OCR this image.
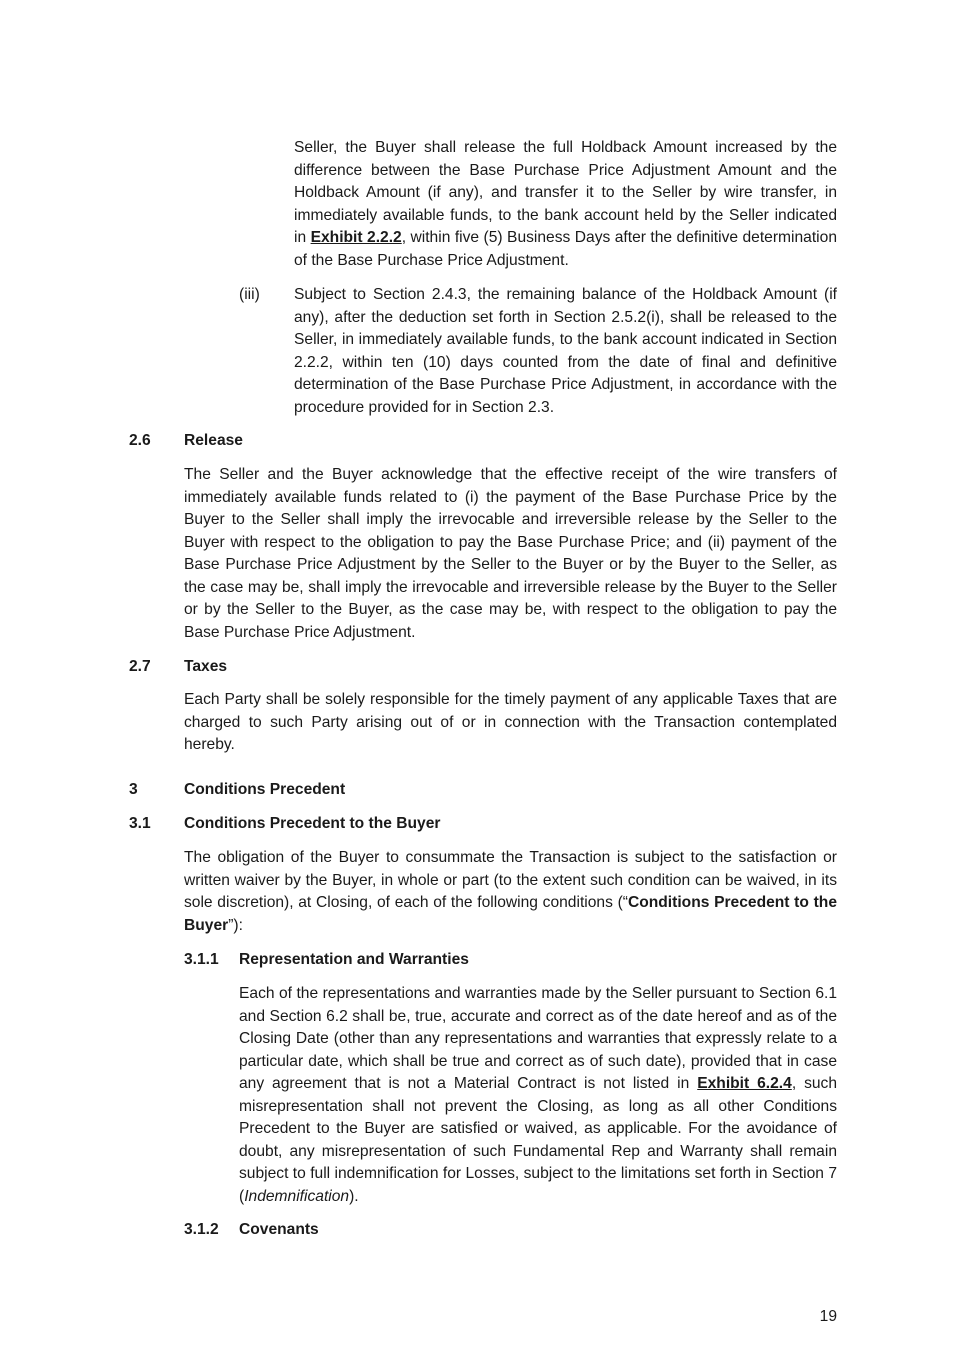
Seller, the Buyer shall release the full Holdback Amount increased by the difference between the Base Purchase Price Adjustment Amount and the Holdback Amount (if any), and transfer it to the Seller by wire transfer, in immediately available funds, to the bank account held by the Seller indicated in Exhibit 2.2.2, within five (5) Business Days after the definitive determination of the Base Purchase Price Adjustment.

(iii) Subject to Section 2.4.3, the remaining balance of the Holdback Amount (if any), after the deduction set forth in Section 2.5.2(i), shall be released to the Seller, in immediately available funds, to the bank account indicated in Section 2.2.2, within ten (10) days counted from the date of final and definitive determination of the Base Purchase Price Adjustment, in accordance with the procedure provided for in Section 2.3.

2.6 Release

The Seller and the Buyer acknowledge that the effective receipt of the wire transfers of immediately available funds related to (i) the payment of the Base Purchase Price by the Buyer to the Seller shall imply the irrevocable and irreversible release by the Seller to the Buyer with respect to the obligation to pay the Base Purchase Price; and (ii) payment of the Base Purchase Price Adjustment by the Seller to the Buyer or by the Buyer to the Seller, as the case may be, shall imply the irrevocable and irreversible release by the Buyer to the Seller or by the Seller to the Buyer, as the case may be, with respect to the obligation to pay the Base Purchase Price Adjustment.

2.7 Taxes

Each Party shall be solely responsible for the timely payment of any applicable Taxes that are charged to such Party arising out of or in connection with the Transaction contemplated hereby.

3	Conditions Precedent
3.1 Conditions Precedent to the Buyer

The obligation of the Buyer to consummate the Transaction is subject to the satisfaction or written waiver by the Buyer, in whole or part (to the extent such condition can be waived, in its sole discretion), at Closing, of each of the following conditions (“Conditions Precedent to the Buyer”):

3.1.1 Representation and Warranties

Each of the representations and warranties made by the Seller pursuant to Section 6.1 and Section 6.2 shall be, true, accurate and correct as of the date hereof and as of the Closing Date (other than any representations and warranties that expressly relate to a particular date, which shall be true and correct as of such date), provided that in case any agreement that is not a Material Contract is not listed in Exhibit 6.2.4, such misrepresentation shall not prevent the Closing, as long as all other Conditions Precedent to the Buyer are satisfied or waived, as applicable. For the avoidance of doubt, any misrepresentation of such Fundamental Rep and Warranty shall remain subject to full indemnification for Losses, subject to the limitations set forth in Section 7 (Indemnification).

3.1.2 Covenants
19
